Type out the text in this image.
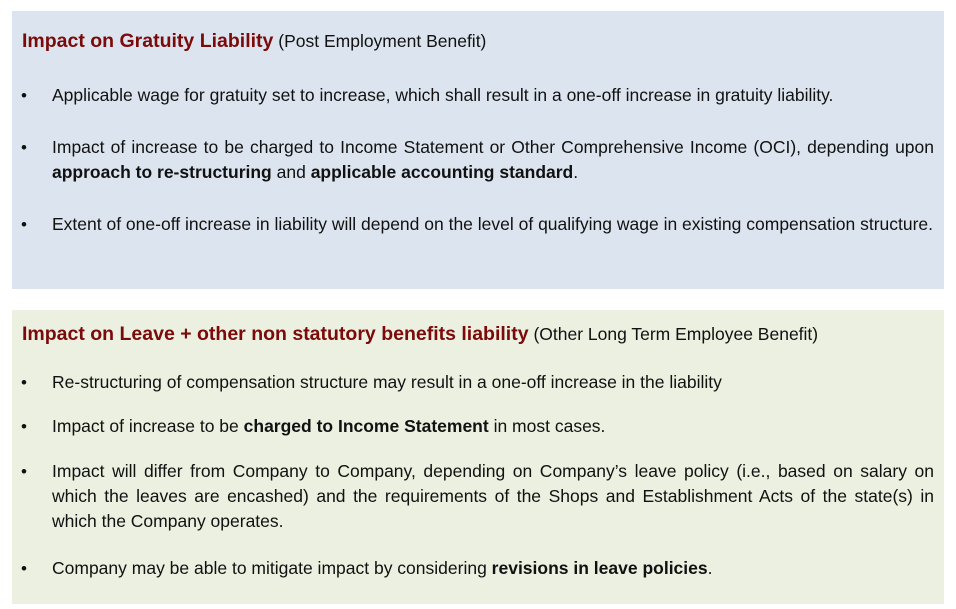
Impact on Gratuity Liability (Post Employment Benefit)
• Applicable wage for gratuity set to increase, which shall result in a one-off increase in gratuity liability.
• Impact of increase to be charged to Income Statement or Other Comprehensive Income (OCI), depending upon approach to re-structuring and applicable accounting standard.
• Extent of one-off increase in liability will depend on the level of qualifying wage in existing compensation structure.
Impact on Leave + other non statutory benefits liability (Other Long Term Employee Benefit)
• Re-structuring of compensation structure may result in a one-off increase in the liability
• Impact of increase to be charged to Income Statement in most cases.
• Impact will differ from Company to Company, depending on Company’s leave policy (i.e., based on salary on which the leaves are encashed) and the requirements of the Shops and Establishment Acts of the state(s) in which the Company operates.
• Company may be able to mitigate impact by considering revisions in leave policies.
